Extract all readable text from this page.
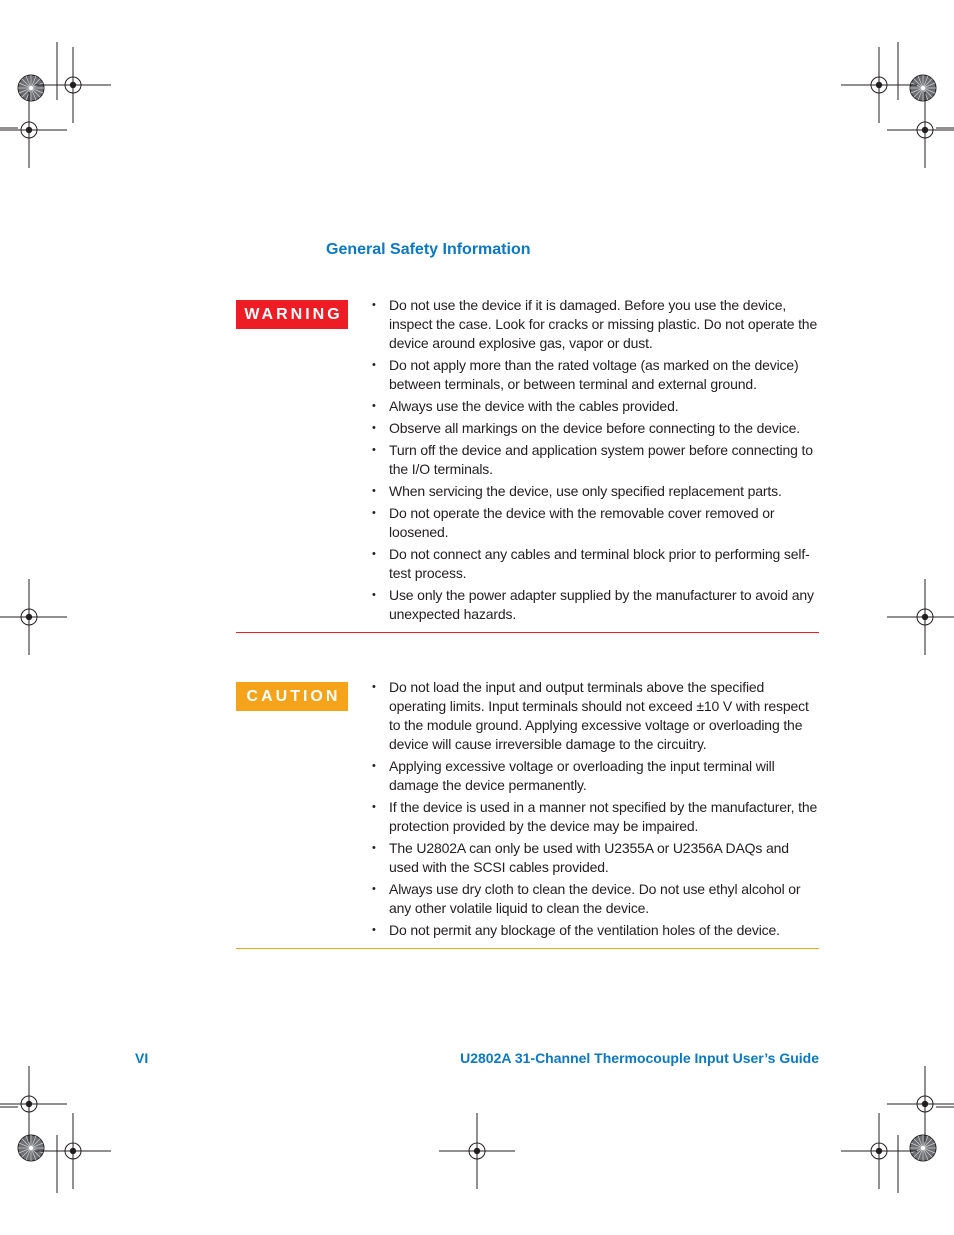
General Safety Information
WARNING
• Do not use the device if it is damaged. Before you use the device, inspect the case. Look for cracks or missing plastic. Do not operate the device around explosive gas, vapor or dust.
• Do not apply more than the rated voltage (as marked on the device) between terminals, or between terminal and external ground.
• Always use the device with the cables provided.
• Observe all markings on the device before connecting to the device.
• Turn off the device and application system power before connecting to the I/O terminals.
• When servicing the device, use only specified replacement parts.
• Do not operate the device with the removable cover removed or loosened.
• Do not connect any cables and terminal block prior to performing self-test process.
• Use only the power adapter supplied by the manufacturer to avoid any unexpected hazards.
CAUTION
• Do not load the input and output terminals above the specified operating limits. Input terminals should not exceed ±10 V with respect to the module ground. Applying excessive voltage or overloading the device will cause irreversible damage to the circuitry.
• Applying excessive voltage or overloading the input terminal will damage the device permanently.
• If the device is used in a manner not specified by the manufacturer, the protection provided by the device may be impaired.
• The U2802A can only be used with U2355A or U2356A DAQs and used with the SCSI cables provided.
• Always use dry cloth to clean the device. Do not use ethyl alcohol or any other volatile liquid to clean the device.
• Do not permit any blockage of the ventilation holes of the device.
VI	U2802A 31-Channel Thermocouple Input User’s Guide
